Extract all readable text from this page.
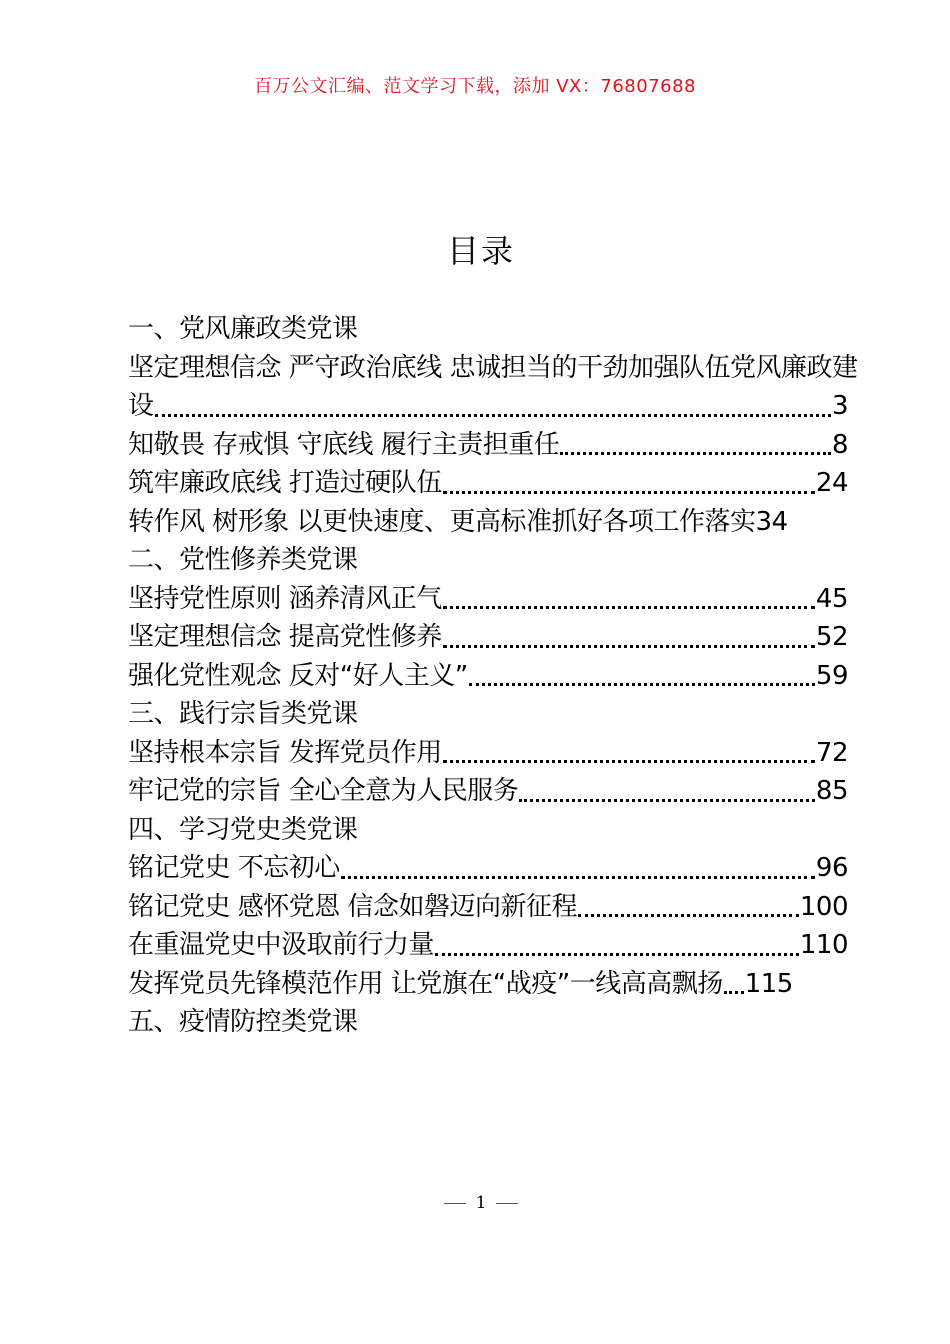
百万公文汇编、范文学习下载，添加 VX：76807688
目录
一、党风廉政类党课
坚定理想信念 严守政治底线 忠诚担当的干劲加强队伍党风廉政建
设	3
知敬畏 存戒惧 守底线 履行主责担重任	8
筑牢廉政底线 打造过硬队伍	24
转作风 树形象 以更快速度、更高标准抓好各项工作落实 34
二、党性修养类党课
坚持党性原则 涵养清风正气	45
坚定理想信念 提高党性修养	52
强化党性观念 反对“好人主义”	59
三、践行宗旨类党课
坚持根本宗旨 发挥党员作用	72
牢记党的宗旨 全心全意为人民服务	85
四、学习党史类党课
铭记党史 不忘初心	96
铭记党史 感怀党恩 信念如磐迈向新征程	100
在重温党史中汲取前行力量	110
发挥党员先锋模范作用 让党旗在“战疫”一线高高飘扬 115
五、疫情防控类党课
1
